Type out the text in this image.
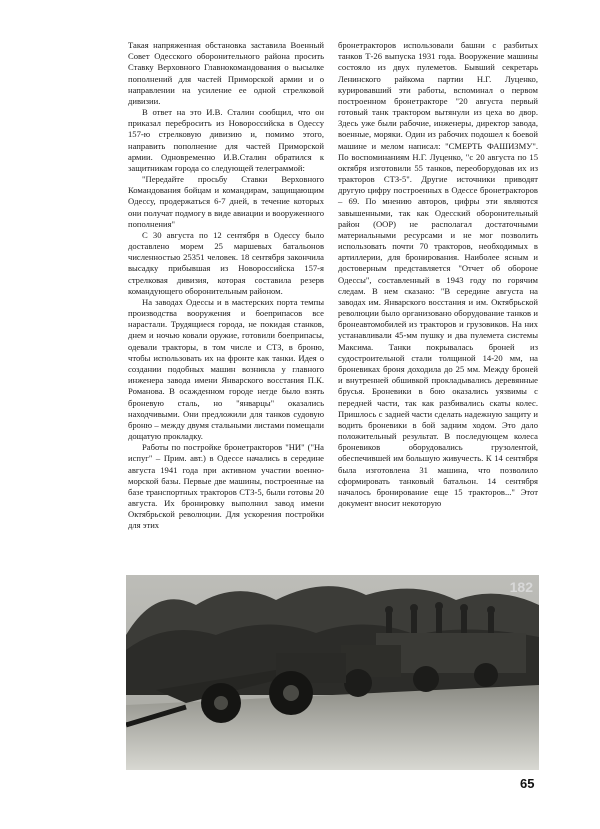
Такая напряженная обстановка заставила Военный Совет Одесского оборонительного района просить Ставку Верховного Главнокомандования о высылке пополнений для частей Приморской армии и о направлении на усиление ее одной стрелковой дивизии.

В ответ на это И.В. Сталин сообщил, что он приказал переброситъ из Новороссийска в Одессу 157-ю стрелковую дивизию и, помимо этого, направить пополнение для частей Приморской армии. Одновременно И.В.Сталин обратился к защитникам города со следующей телеграммой:

"Передайте просьбу Ставки Верховного Командования бойцам и командирам, защищающим Одессу, продержаться 6-7 дней, в течение которых они получат подмогу в виде авиации и вооруженного пополнения"

С 30 августа по 12 сентября в Одессу было доставлено морем 25 маршевых батальонов численностью 25351 человек. 18 сентября закончила высадку прибывшая из Новороссийска 157-я стрелковая дивизия, которая составила резерв командующего оборонительным районом.

На заводах Одессы и в мастерских порта темпы производства вооружения и боеприпасов все нарастали. Трудящиеся города, не покидая станков, днем и ночью ковали оружие, готовили боеприпасы, одевали тракторы, в том числе и СТЗ, в броню, чтобы использовать их на фронте как танки. Идея о создании подобных машин возникла у главного инженера завода имени Январского восстания П.К. Романова. В осажденном городе негде было взять броневую сталь, но "январцы" оказались находчивыми. Они предложили для танков судовую броню – между двумя стальными листами помещали дощатую прокладку.

Работы по постройке бронетракторов "НИ" ("На испуг" – Прим. авт.) в Одессе начались в середине августа 1941 года при активном участии военно-морской базы. Первые две машины, построенные на базе транспортных тракторов СТЗ-5, были готовы 20 августа. Их бронировку выполнил завод имени Октябрьской революции. Для ускорения постройки для этих

бронетракторов использовали башни с разбитых танков Т-26 выпуска 1931 года. Вооружение машины состояло из двух пулеметов. Бывший секретарь Ленинского райкома партии Н.Г. Луценко, курировавший эти работы, вспоминал о первом построенном бронетракторе "20 августа первый готовый танк трактором вытянули из цеха во двор. Здесь уже были рабочие, инженеры, директор завода, военные, моряки. Один из рабочих подошел к боевой машине и мелом написал: "СМЕРТЬ ФАШИЗМУ". По воспоминаниям Н.Г. Луценко, "с 20 августа по 15 октября изготовили 55 танков, переоборудовав их из тракторов СТЗ-5". Другие источники приводят другую цифру построенных в Одессе бронетракторов – 69. По мнению авторов, цифры эти являются завышенными, так как Одесский оборонительный район (ООР) не располагал достаточными материальными ресурсами и не мог позволить использовать почти 70 тракторов, необходимых в артиллерии, для бронирования. Наиболее ясным и достоверным представляется "Отчет об обороне Одессы", составленный в 1943 году по горячим следам. В нем сказано: "В середине августа на заводах им. Январского восстания и им. Октябрьской революции было организовано оборудование танков и бронеавтомобилей из тракторов и грузовиков. На них устанавливали 45-мм пушку и два пулемета системы Максима. Танки покрывалась броней из судостроительной стали толщиной 14-20 мм, на броневиках броня доходила до 25 мм. Между броней и внутренней обшивкой прокладывались деревянные брусья. Броневики в бою оказались уязвимы с передней части, так как разбивались скаты колес. Пришлось с задней части сделать надежную защиту и водить броневики в бой задним ходом. Это дало положительный результат. В последующем колеса броневиков оборудовались грузолентой, обеспечившей им большую живучесть. К 14 сентября была изготовлена 31 машина, что позволило сформировать танковый батальон. 14 сентября началось бронирование еще 15 тракторов..." Этот документ вносит некоторую

182
65
